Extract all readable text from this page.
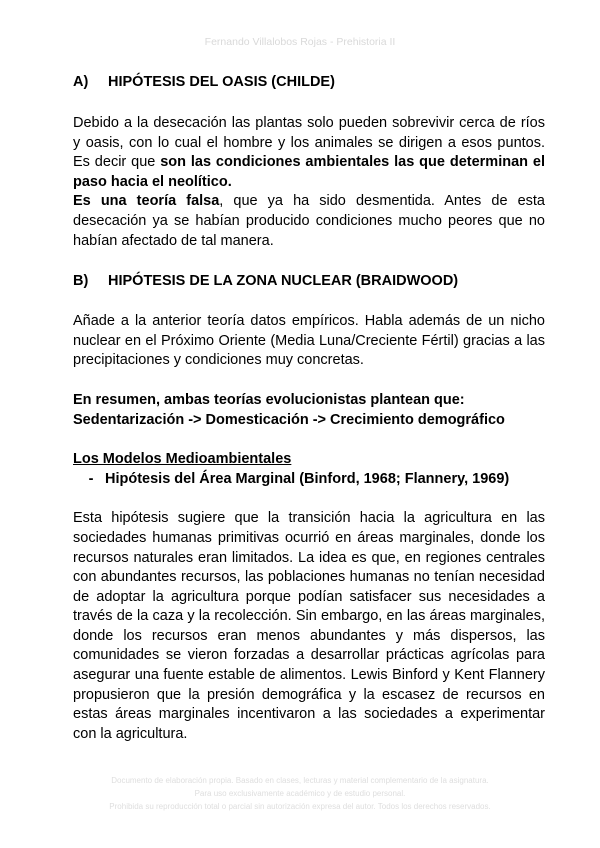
Fernando Villalobos Rojas - Prehistoria II
A)	HIPÓTESIS DEL OASIS (CHILDE)

Debido a la desecación las plantas solo pueden sobrevivir cerca de ríos y oasis, con lo cual el hombre y los animales se dirigen a esos puntos. Es decir que son las condiciones ambientales las que determinan el paso hacia el neolítico.

Es una teoría falsa, que ya ha sido desmentida. Antes de esta desecación ya se habían producido condiciones mucho peores que no habían afectado de tal manera.

B)	HIPÓTESIS DE LA ZONA NUCLEAR (BRAIDWOOD)

Añade a la anterior teoría datos empíricos. Habla además de un nicho nuclear en el Próximo Oriente (Media Luna/Creciente Fértil) gracias a las precipitaciones y condiciones muy concretas.

En resumen, ambas teorías evolucionistas plantean que:
Sedentarización -> Domesticación -> Crecimiento demográfico
Los Modelos Medioambientales
- Hipótesis del Área Marginal (Binford, 1968; Flannery, 1969)

Esta hipótesis sugiere que la transición hacia la agricultura en las sociedades humanas primitivas ocurrió en áreas marginales, donde los recursos naturales eran limitados. La idea es que, en regiones centrales con abundantes recursos, las poblaciones humanas no tenían necesidad de adoptar la agricultura porque podían satisfacer sus necesidades a través de la caza y la recolección. Sin embargo, en las áreas marginales, donde los recursos eran menos abundantes y más dispersos, las comunidades se vieron forzadas a desarrollar prácticas agrícolas para asegurar una fuente estable de alimentos. Lewis Binford y Kent Flannery propusieron que la presión demográfica y la escasez de recursos en estas áreas marginales incentivaron a las sociedades a experimentar con la agricultura.

Documento de elaboración propia. Basado en clases, lecturas y material complementario de la asignatura.
Para uso exclusivamente académico y de estudio personal.
Prohibida su reproducción total o parcial sin autorización expresa del autor. Todos los derechos reservados.
